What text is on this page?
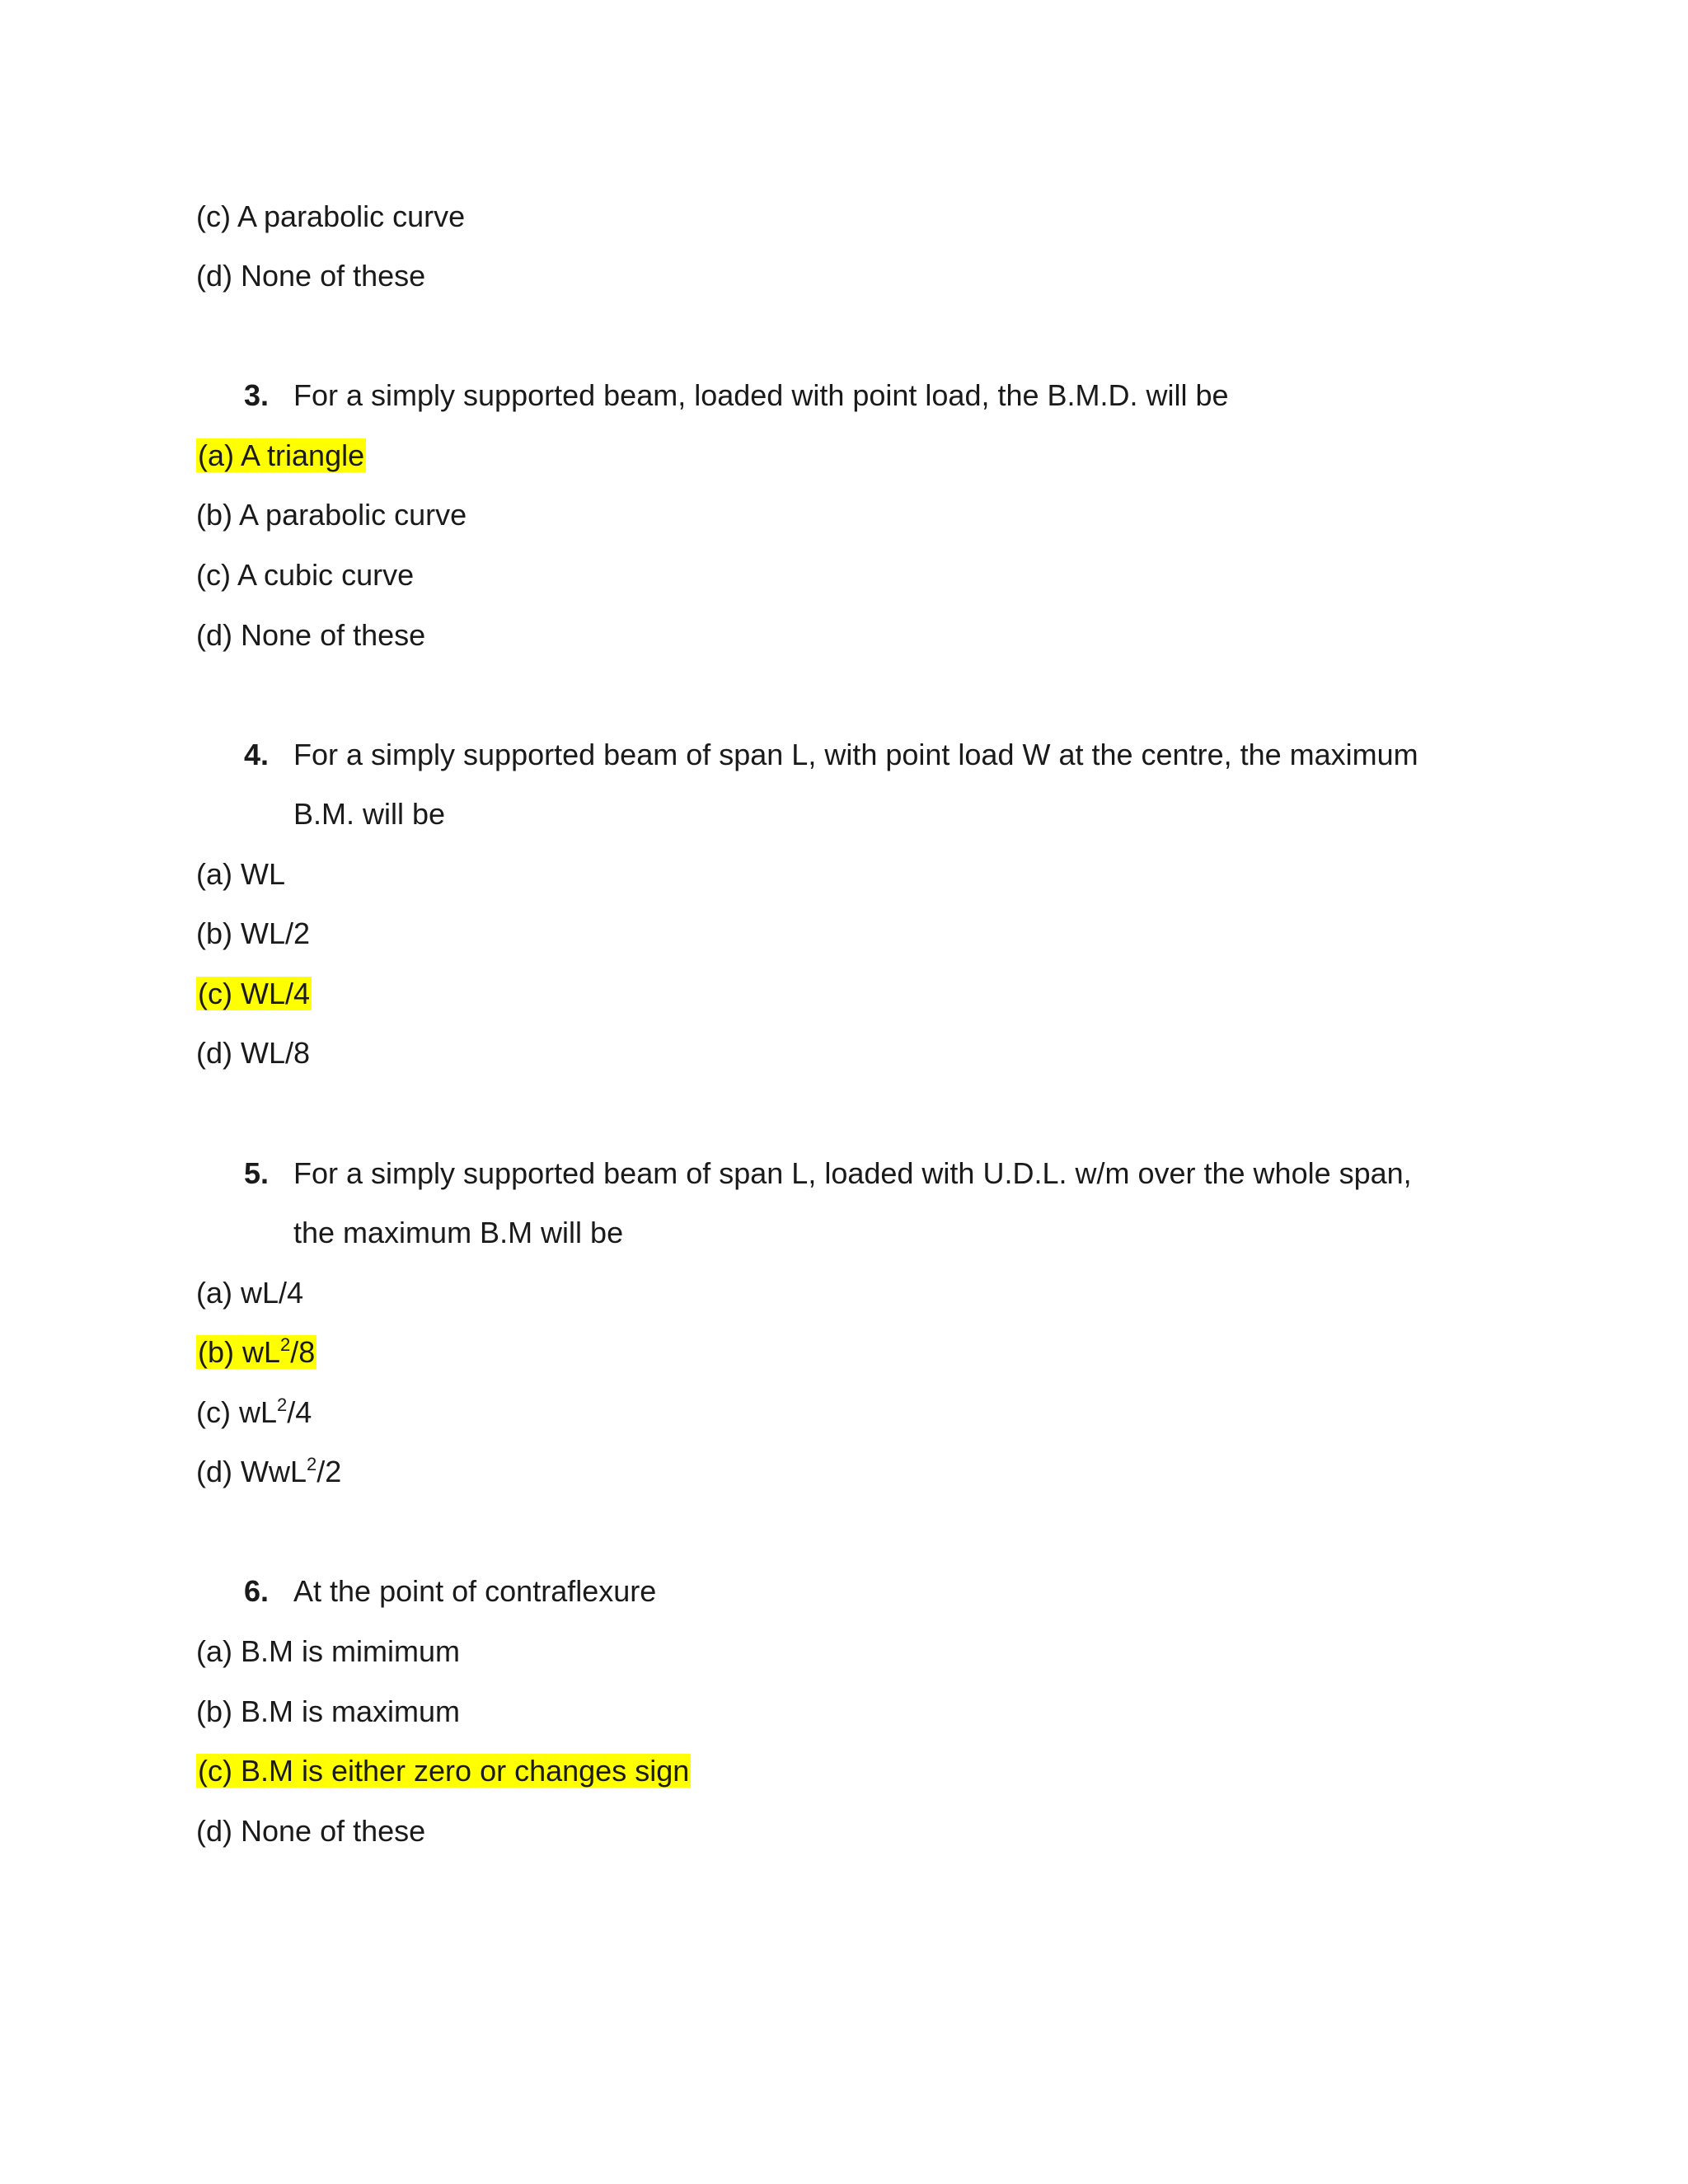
(c) A parabolic curve
(d) None of these
3. For a simply supported beam, loaded with point load, the B.M.D. will be
(a) A triangle
(b) A parabolic curve
(c) A cubic curve
(d) None of these
4. For a simply supported beam of span L, with point load W at the centre, the maximum
B.M. will be
(a) WL
(b) WL/2
(c) WL/4
(d) WL/8
5. For a simply supported beam of span L, loaded with U.D.L. w/m over the whole span,
the maximum B.M will be
(a) wL/4
(b) $wL^2/8$
(c) $wL^2/4$
(d) WwL$^2$/2
6. At the point of contraflexure
(a) B.M is mimimum
(b) B.M is maximum
(c) B.M is either zero or changes sign
(d) None of these
